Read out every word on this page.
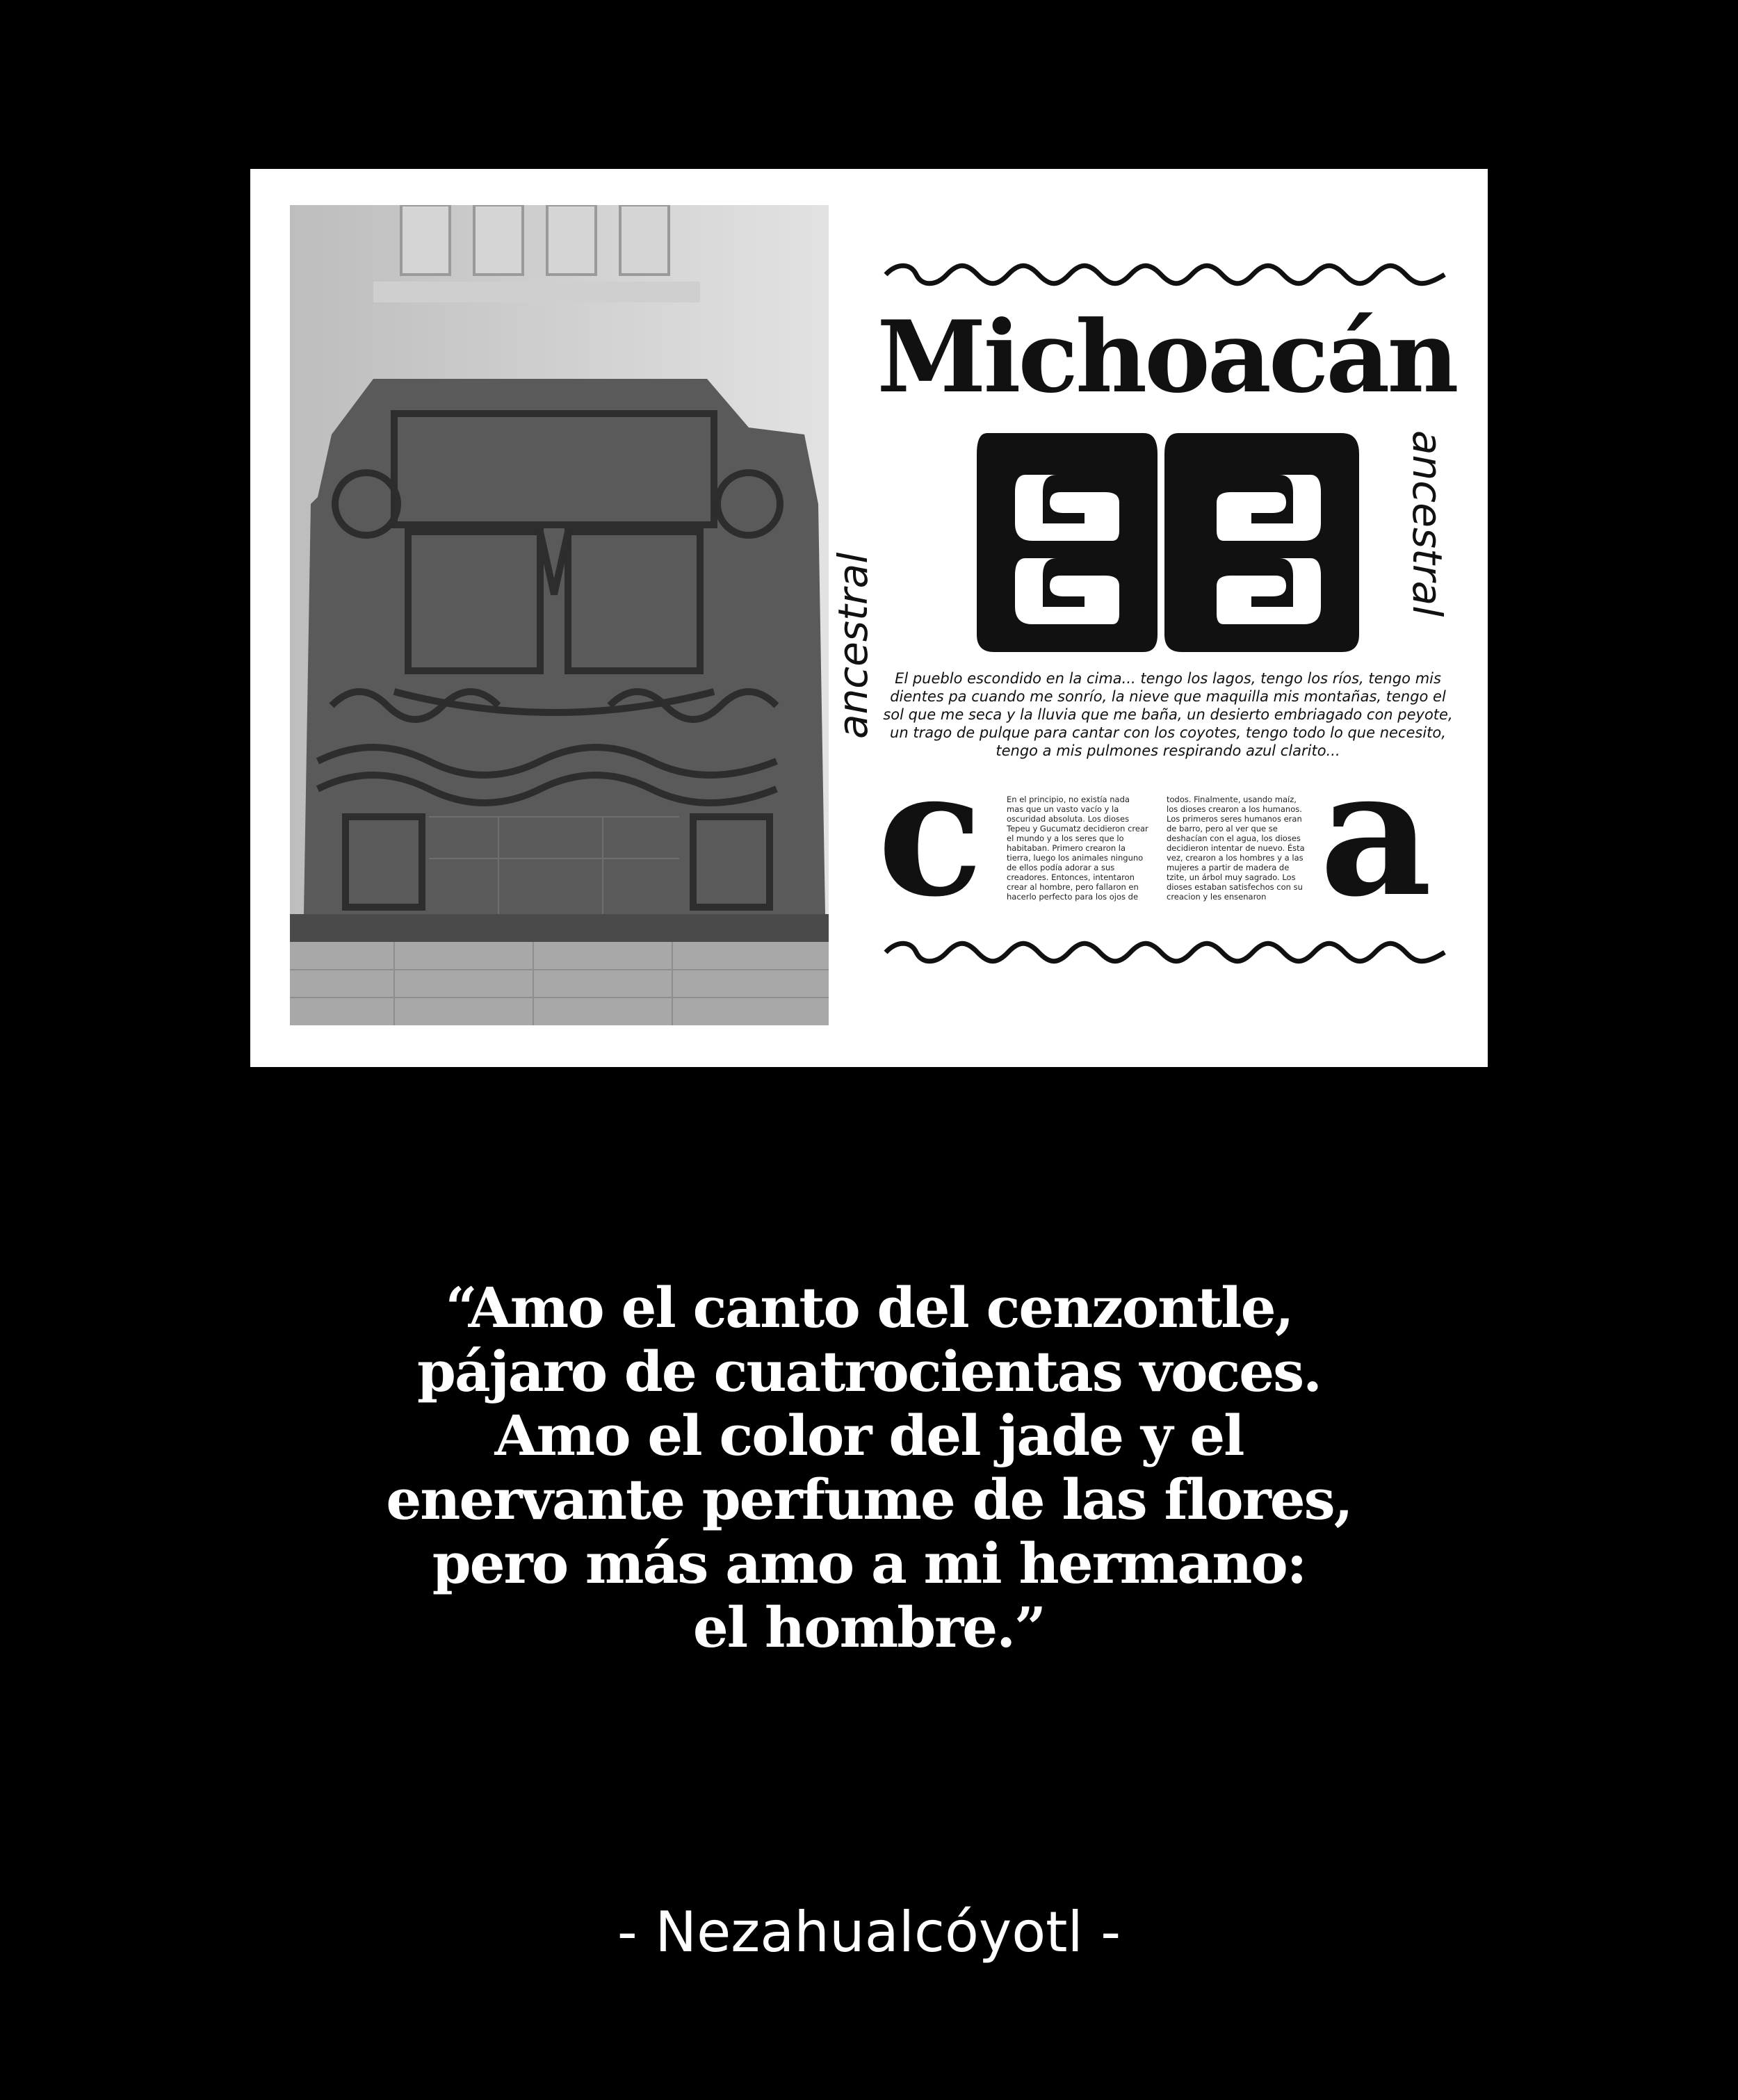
Michoacán
ancestral
ancestral
El pueblo escondido en la cima... tengo los lagos, tengo los ríos, tengo mis dientes pa cuando me sonrío, la nieve que maquilla mis montañas, tengo el sol que me seca y la lluvia que me baña, un desierto embriagado con peyote, un trago de pulque para cantar con los coyotes, tengo todo lo que necesito, tengo a mis pulmones respirando azul clarito...
c a
En el principio, no existía nada mas que un vasto vacío y la oscuridad absoluta. Los dioses Tepeu y Gucumatz decidieron crear el mundo y a los seres que lo habitaban. Primero crearon la tierra, luego los animales ninguno de ellos podía adorar a sus creadores. Entonces, intentaron crear al hombre, pero fallaron en hacerlo perfecto para los ojos de
todos. Finalmente, usando maíz, los dioses crearon a los humanos. Los primeros seres humanos eran de barro, pero al ver que se deshacían con el agua, los dioses decidieron intentar de nuevo. Ésta vez, crearon a los hombres y a las mujeres a partir de madera de tzite, un árbol muy sagrado. Los dioses estaban satisfechos con su creacion y les ensenaron
“Amo el canto del cenzontle,
pájaro de cuatrocientas voces.
Amo el color del jade y el
enervante perfume de las flores,
pero más amo a mi hermano:
el hombre.”
- Nezahualcóyotl -
